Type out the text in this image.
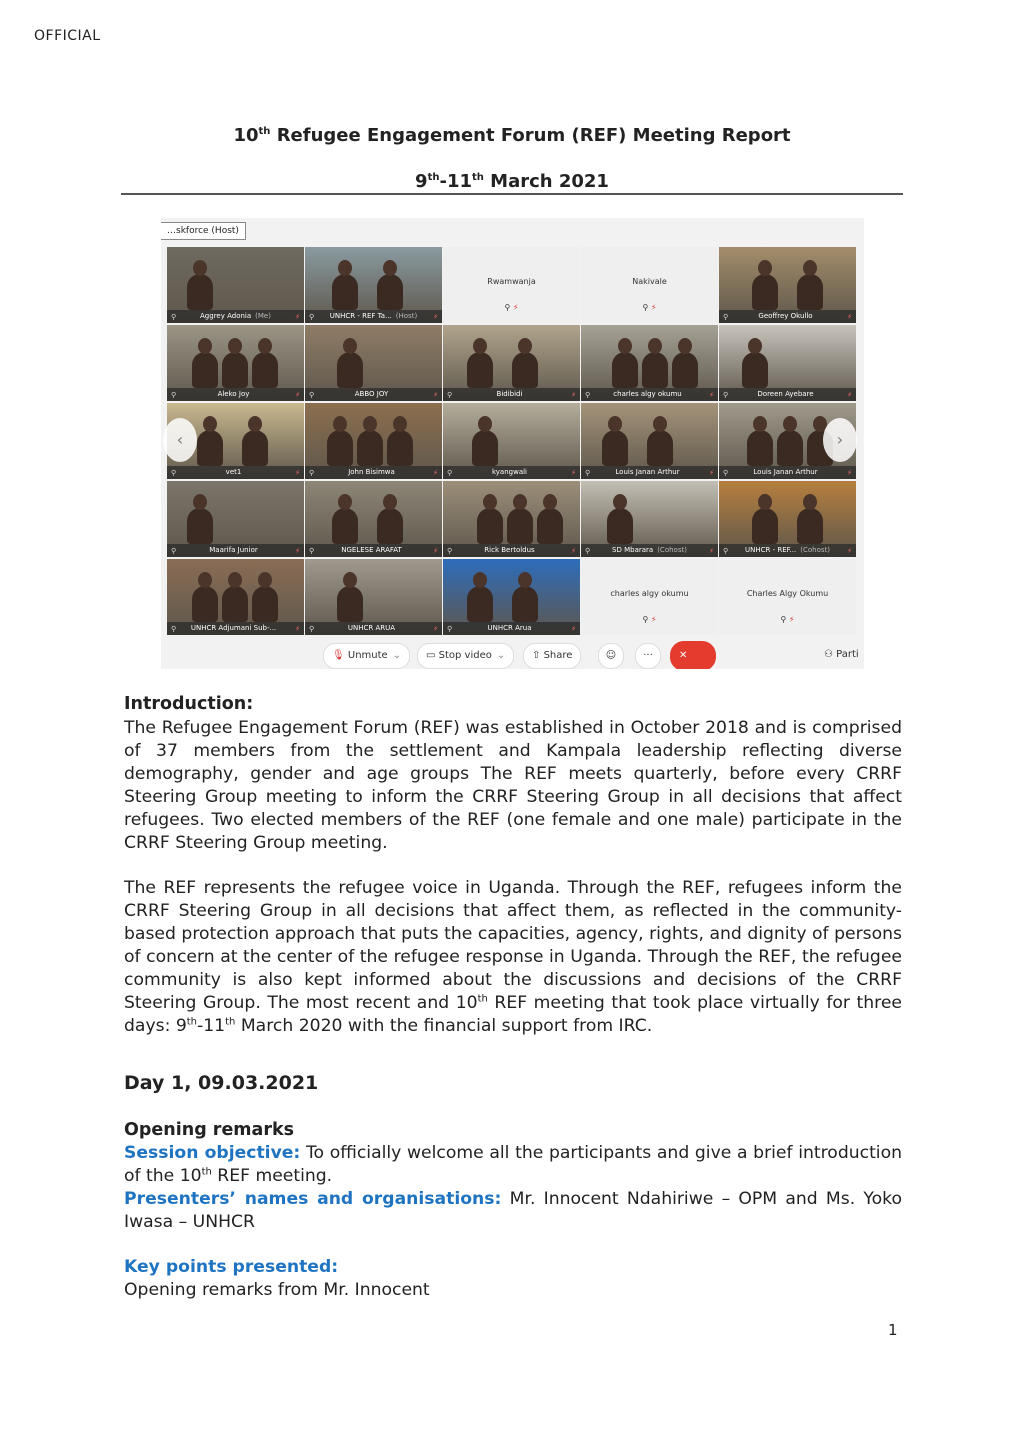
OFFICIAL
10th Refugee Engagement Forum (REF) Meeting Report
9th-11th March 2021
…skforce (Host)
Aggrey Adonia (Me)
⚲	⚡	UNHCR - REF Ta... (Host)
⚲	⚡
Rwamwanja
⚲ ⚡
Nakivale
⚲ ⚡
Geoffrey Okullo
⚲	⚡
Aleko Joy
⚲	⚡	ABBO JOY
⚲	⚡	Bidibidi
⚲	⚡	charles algy okumu
⚲	⚡	Doreen Ayebare
⚲	⚡
vet1
⚲	⚡	John Bisimwa
⚲	⚡	kyangwali
⚲	⚡	Louis Janan Arthur
⚲	⚡	Louis Janan Arthur
⚲	⚡
Maarifa Junior
⚲	⚡	NGELESE ARAFAT
⚲	⚡	Rick Bertoldus
⚲	⚡	SD Mbarara (Cohost)
⚲	⚡	UNHCR - REF... (Cohost)
⚲	⚡
UNHCR Adjumani Sub-...
⚲	⚡	UNHCR ARUA
⚲	⚡	UNHCR Arua
⚲	⚡
charles algy okumu
⚲ ⚡
Charles Algy Okumu
⚲ ⚡
‹	›
🎙 Unmute ⌄	▭ Stop video ⌄	⇧ Share	☺	···	✕	⚇ Parti
Introduction:

The Refugee Engagement Forum (REF) was established in October 2018 and is comprised of 37 members from the settlement and Kampala leadership reflecting diverse demography, gender and age groups The REF meets quarterly, before every CRRF Steering Group meeting to inform the CRRF Steering Group in all decisions that affect refugees. Two elected members of the REF (one female and one male) participate in the CRRF Steering Group meeting.

The REF represents the refugee voice in Uganda. Through the REF, refugees inform the CRRF Steering Group in all decisions that affect them, as reflected in the community-based protection approach that puts the capacities, agency, rights, and dignity of persons of concern at the center of the refugee response in Uganda. Through the REF, the refugee community is also kept informed about the discussions and decisions of the CRRF Steering Group. The most recent and 10th REF meeting that took place virtually for three days: 9th-11th March 2020 with the financial support from IRC.

Day 1, 09.03.2021
Opening remarks

Session objective: To officially welcome all the participants and give a brief introduction of the 10th REF meeting.

Presenters’ names and organisations: Mr. Innocent Ndahiriwe – OPM and Ms. Yoko Iwasa – UNHCR

Key points presented:

Opening remarks from Mr. Innocent

1
